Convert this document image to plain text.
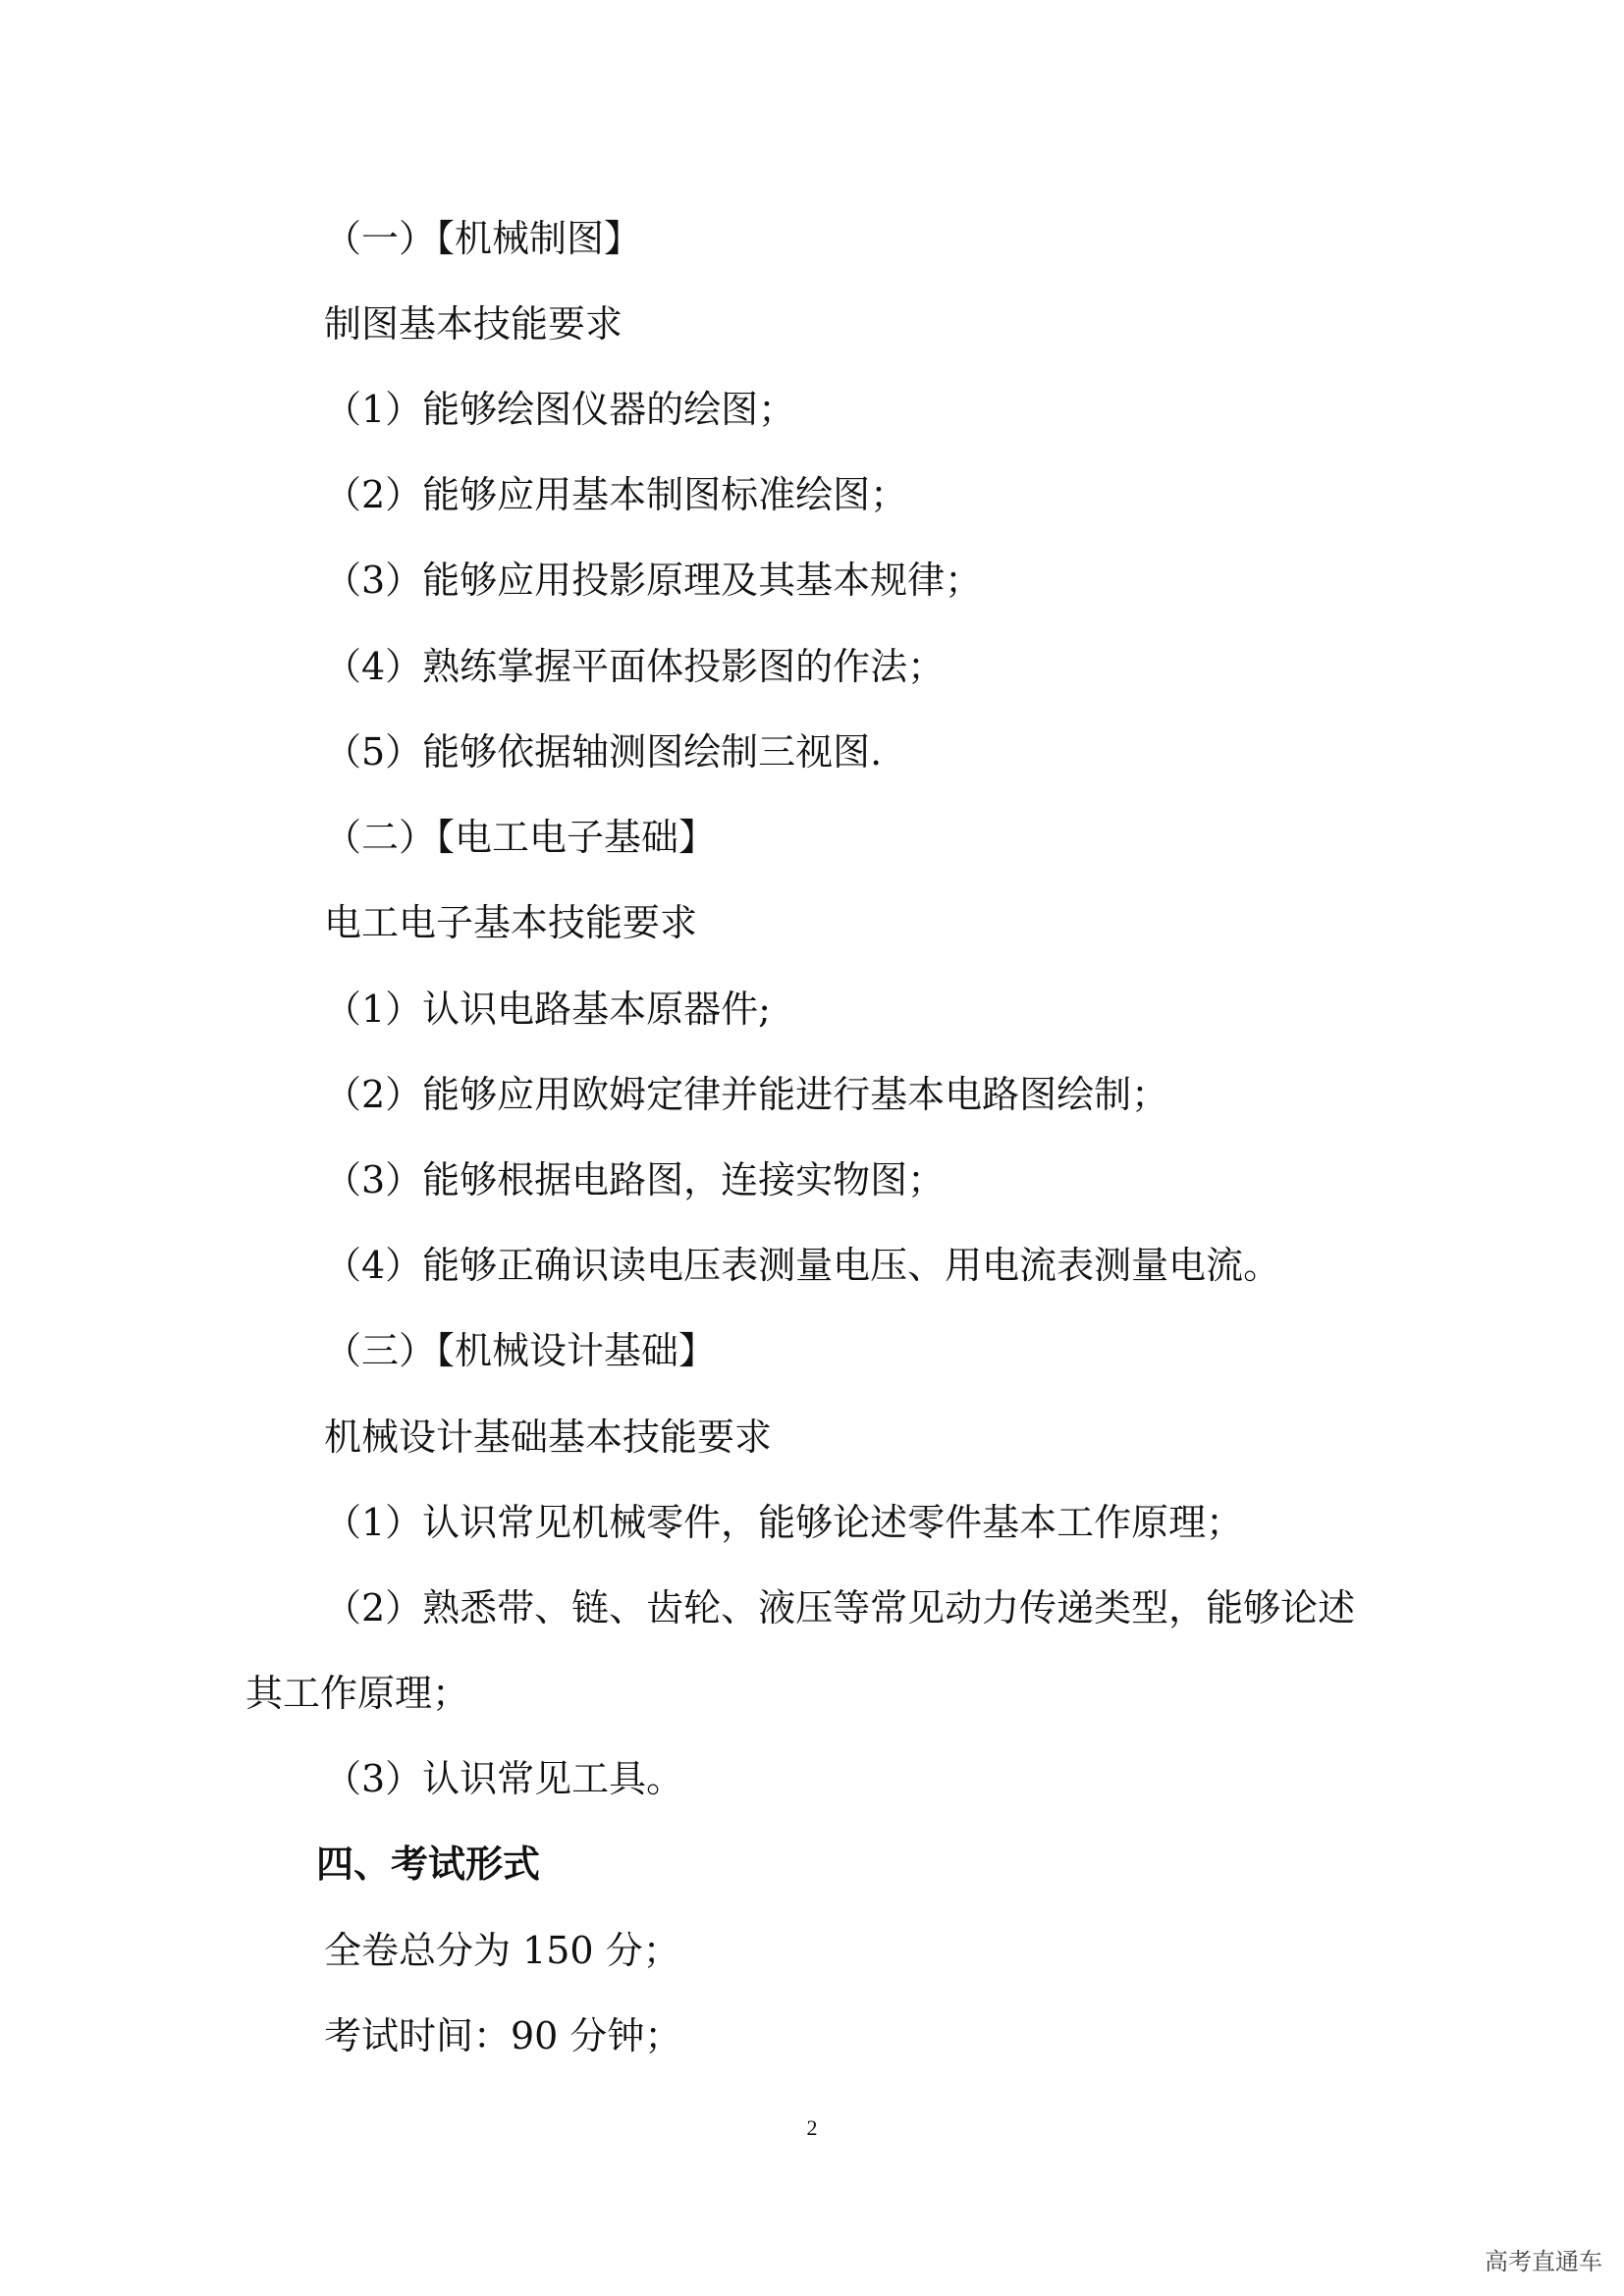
（一）【机械制图】
制图基本技能要求
（1）能够绘图仪器的绘图；
（2）能够应用基本制图标准绘图；
（3）能够应用投影原理及其基本规律；
（4）熟练掌握平面体投影图的作法；
（5）能够依据轴测图绘制三视图.
（二）【电工电子基础】
电工电子基本技能要求
（1）认识电路基本原器件;
（2）能够应用欧姆定律并能进行基本电路图绘制；
（3）能够根据电路图，连接实物图；
（4）能够正确识读电压表测量电压、用电流表测量电流。
（三）【机械设计基础】
机械设计基础基本技能要求
（1）认识常见机械零件，能够论述零件基本工作原理；
（2）熟悉带、链、齿轮、液压等常见动力传递类型，能够论述
其工作原理；
（3）认识常见工具。
四、考试形式
全卷总分为 150 分；
考试时间：90 分钟；
2
高考直通车
